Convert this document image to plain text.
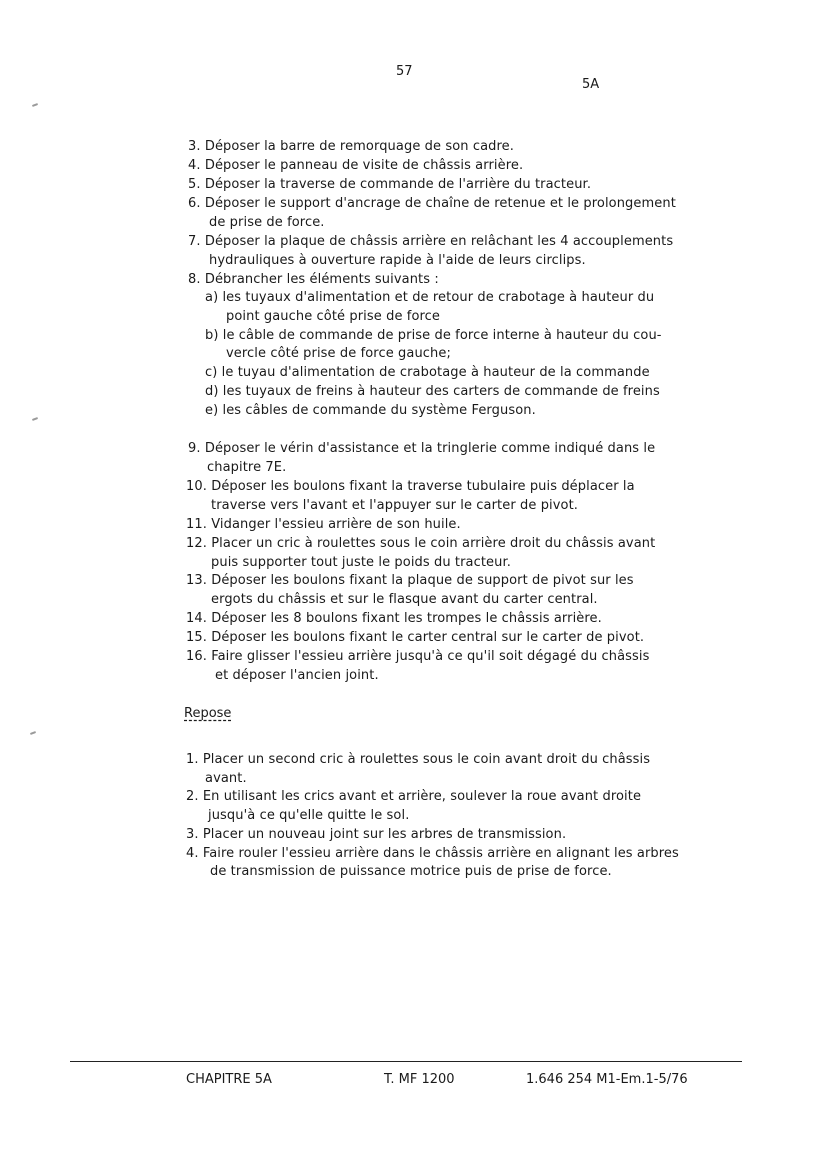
57
5A
3. Déposer la barre de remorquage de son cadre.
4. Déposer le panneau de visite de châssis arrière.
5. Déposer la traverse de commande de l'arrière du tracteur.
6. Déposer le support d'ancrage de chaîne de retenue et le prolongement
de prise de force.
7. Déposer la plaque de châssis arrière en relâchant les 4 accouplements
hydrauliques à ouverture rapide à l'aide de leurs circlips.
8. Débrancher les éléments suivants :
a) les tuyaux d'alimentation et de retour de crabotage à hauteur du
point gauche côté prise de force
b) le câble de commande de prise de force interne à hauteur du cou-
vercle côté prise de force gauche;
c) le tuyau d'alimentation de crabotage à hauteur de la commande
d) les tuyaux de freins à hauteur des carters de commande de freins
e) les câbles de commande du système Ferguson.
9. Déposer le vérin d'assistance et la tringlerie comme indiqué dans le
chapitre 7E.
10. Déposer les boulons fixant la traverse tubulaire puis déplacer la
traverse vers l'avant et l'appuyer sur le carter de pivot.
11. Vidanger l'essieu arrière de son huile.
12. Placer un cric à roulettes sous le coin arrière droit du châssis avant
puis supporter tout juste le poids du tracteur.
13. Déposer les boulons fixant la plaque de support de pivot sur les
ergots du châssis et sur le flasque avant du carter central.
14. Déposer les 8 boulons fixant les trompes le châssis arrière.
15. Déposer les boulons fixant le carter central sur le carter de pivot.
16. Faire glisser l'essieu arrière jusqu'à ce qu'il soit dégagé du châssis
et déposer l'ancien joint.
Repose
1. Placer un second cric à roulettes sous le coin avant droit du châssis
avant.
2. En utilisant les crics avant et arrière, soulever la roue avant droite
jusqu'à ce qu'elle quitte le sol.
3. Placer un nouveau joint sur les arbres de transmission.
4. Faire rouler l'essieu arrière dans le châssis arrière en alignant les arbres
de transmission de puissance motrice puis de prise de force.
CHAPITRE 5A	T. MF 1200	1.646 254 M1-Em.1-5/76
